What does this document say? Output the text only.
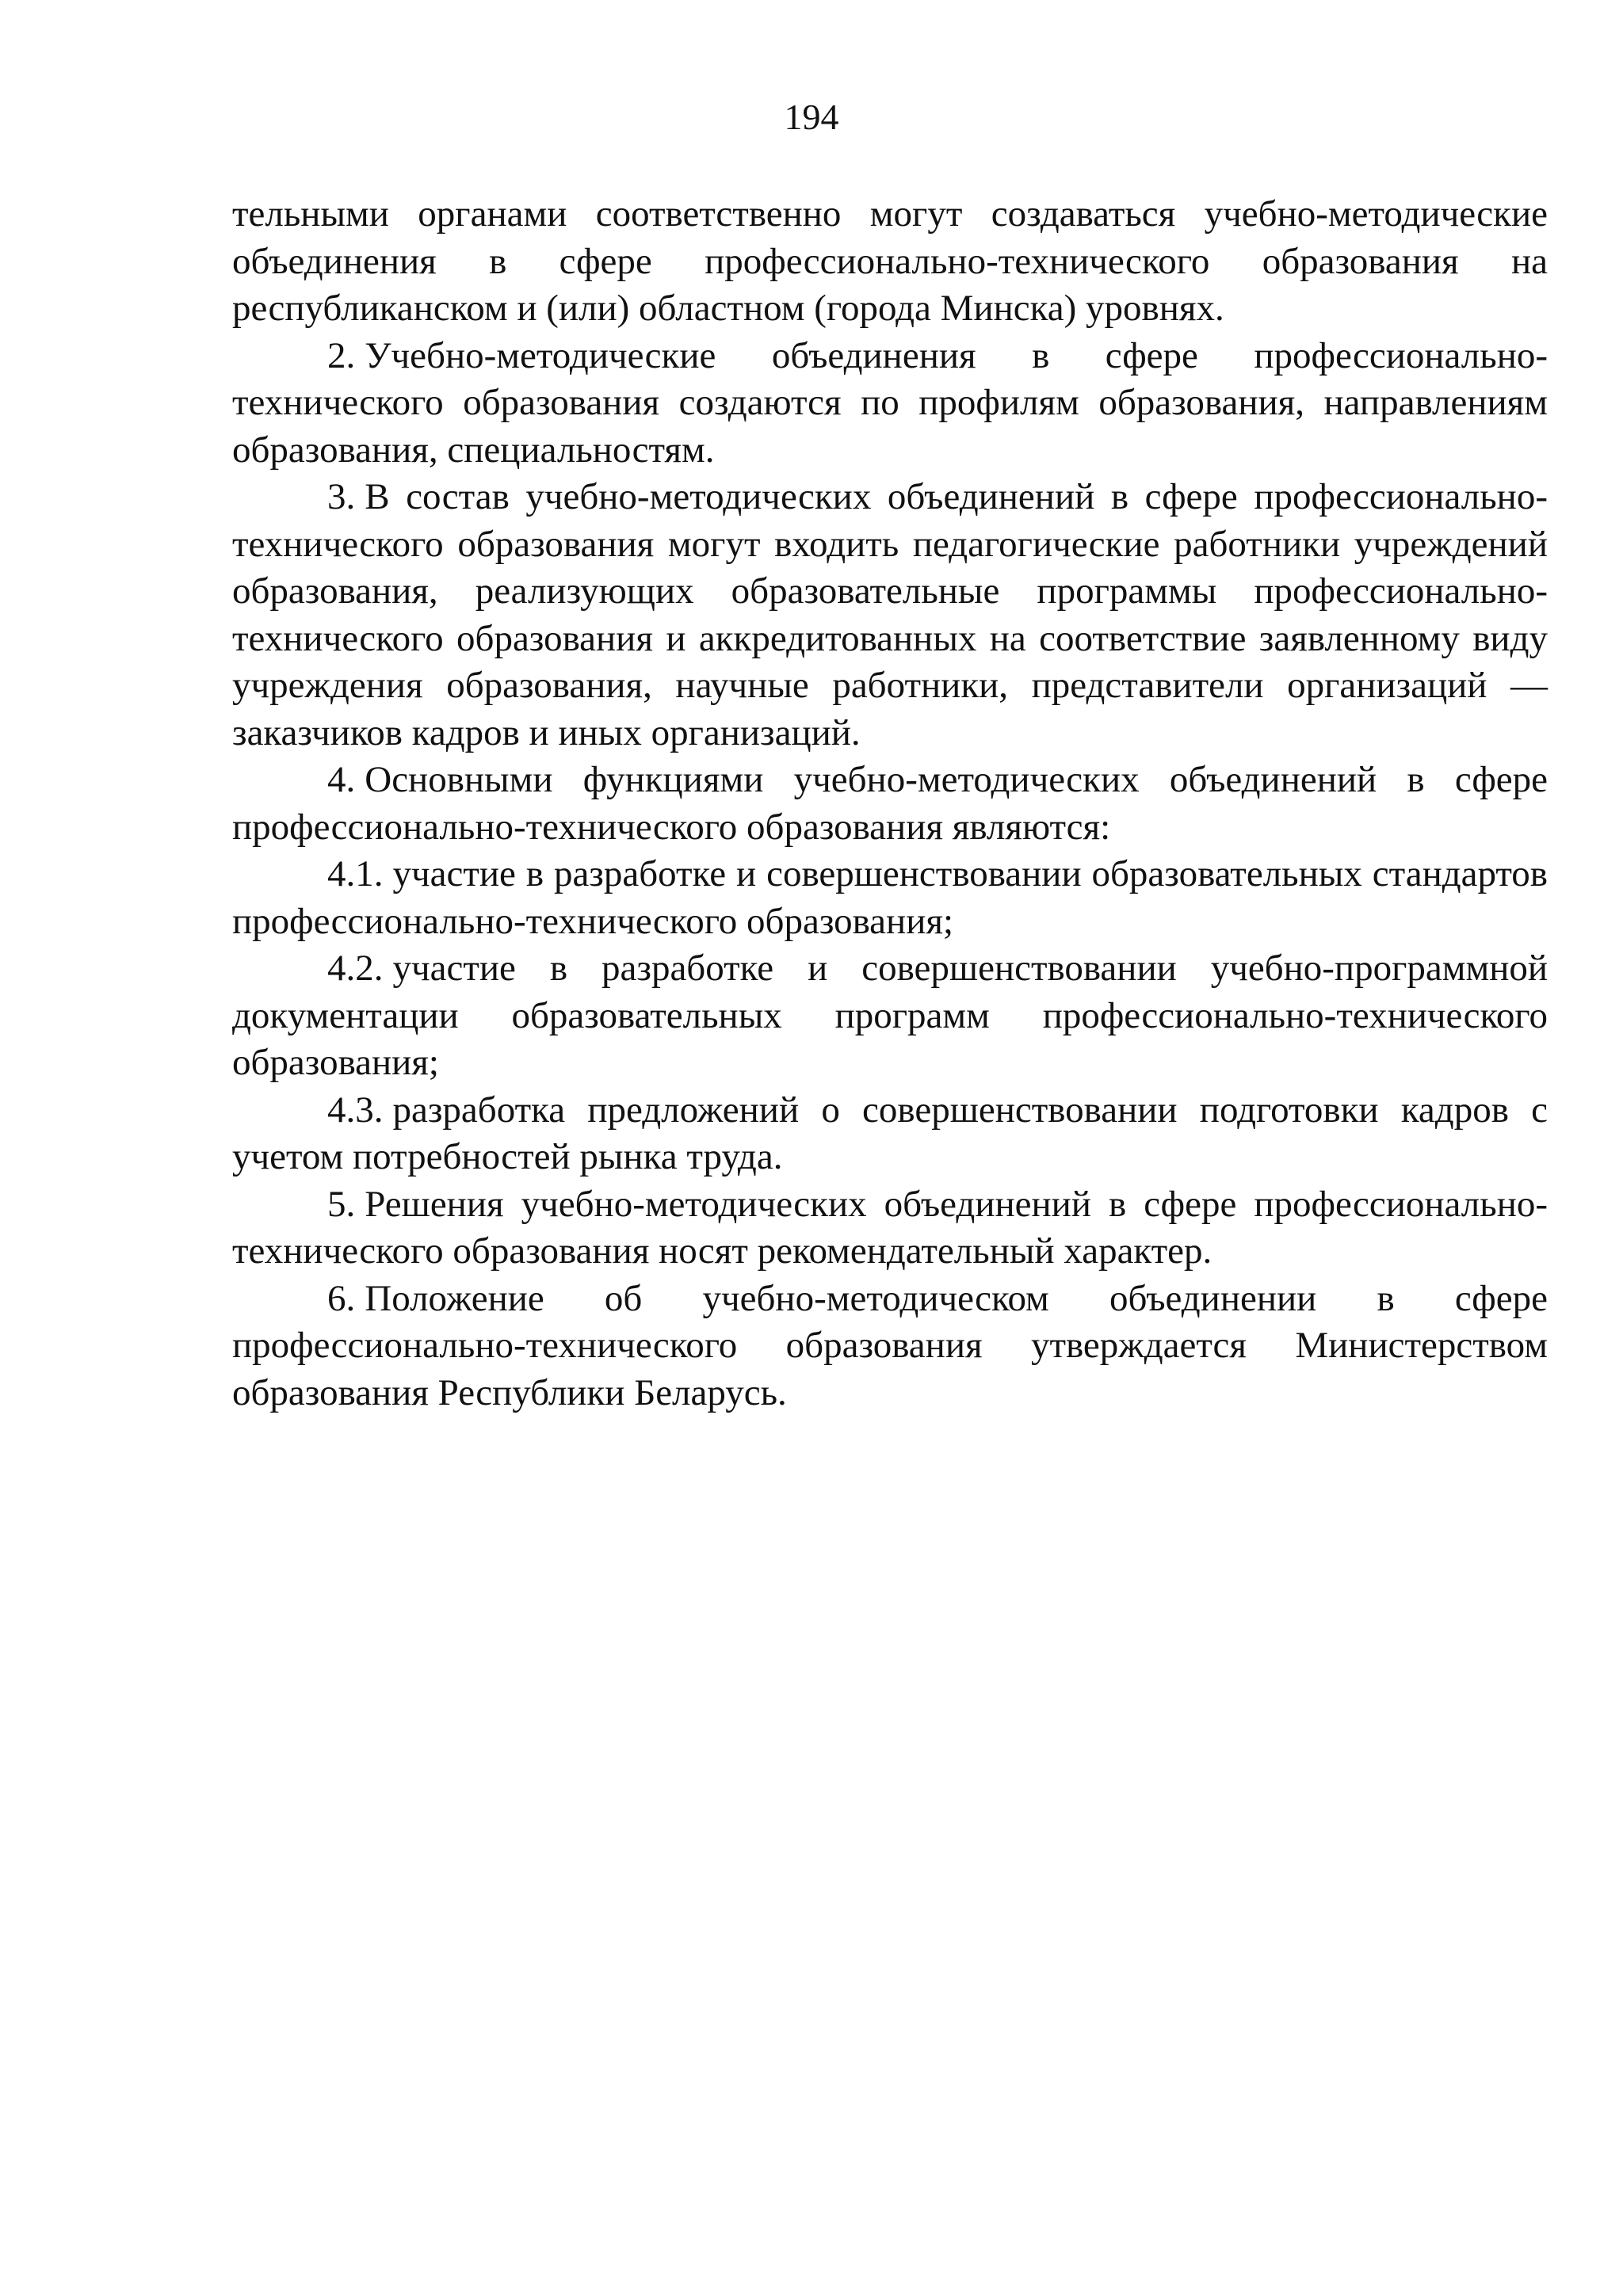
194

тельными органами соответственно могут создаваться учебно-методические объединения в сфере профессионально-технического образования на республиканском и (или) областном (города Минска) уровнях.

2. Учебно-методические объединения в сфере профессионально-технического образования создаются по профилям образования, направлениям образования, специальностям.

3. В состав учебно-методических объединений в сфере профессионально-технического образования могут входить педагогические работники учреждений образования, реализующих образовательные программы профессионально-технического образования и аккредитованных на соответствие заявленному виду учреждения образования, научные работники, представители организаций — заказчиков кадров и иных организаций.

4. Основными функциями учебно-методических объединений в сфере профессионально-технического образования являются:

4.1. участие в разработке и совершенствовании образовательных стандартов профессионально-технического образования;

4.2. участие в разработке и совершенствовании учебно-программной документации образовательных программ профессионально-технического образования;

4.3. разработка предложений о совершенствовании подготовки кадров с учетом потребностей рынка труда.

5. Решения учебно-методических объединений в сфере профессионально-технического образования носят рекомендательный характер.

6. Положение об учебно-методическом объединении в сфере профессионально-технического образования утверждается Министерством образования Республики Беларусь.
